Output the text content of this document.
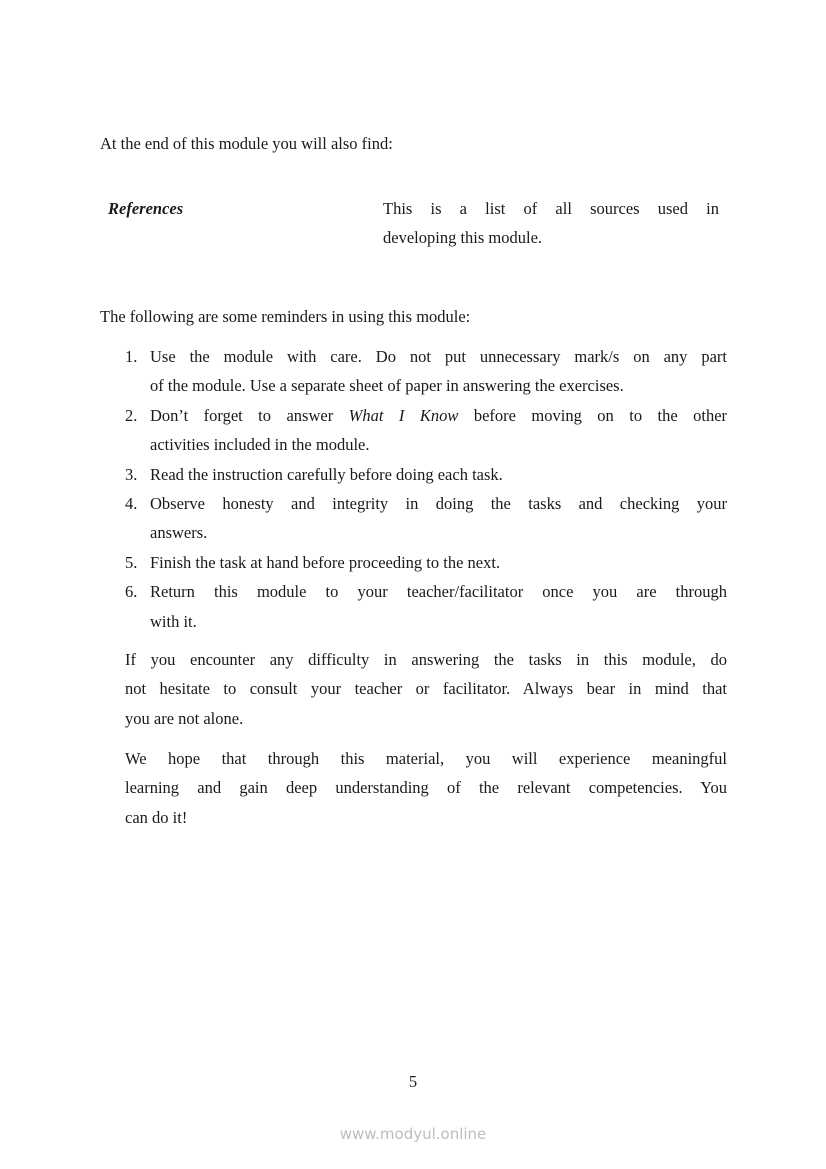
At the end of this module you will also find:
References	This is a list of all sources used in
developing this module.
The following are some reminders in using this module:
1. Use the module with care. Do not put unnecessary mark/s on any part
of the module. Use a separate sheet of paper in answering the exercises.
2. Don’t forget to answer What I Know before moving on to the other
activities included in the module.
3. Read the instruction carefully before doing each task.
4. Observe honesty and integrity in doing the tasks and checking your
answers.
5. Finish the task at hand before proceeding to the next.
6. Return this module to your teacher/facilitator once you are through
with it.
If you encounter any difficulty in answering the tasks in this module, do
not hesitate to consult your teacher or facilitator. Always bear in mind that
you are not alone.
We hope that through this material, you will experience meaningful
learning and gain deep understanding of the relevant competencies. You
can do it!
5
www.modyul.online
